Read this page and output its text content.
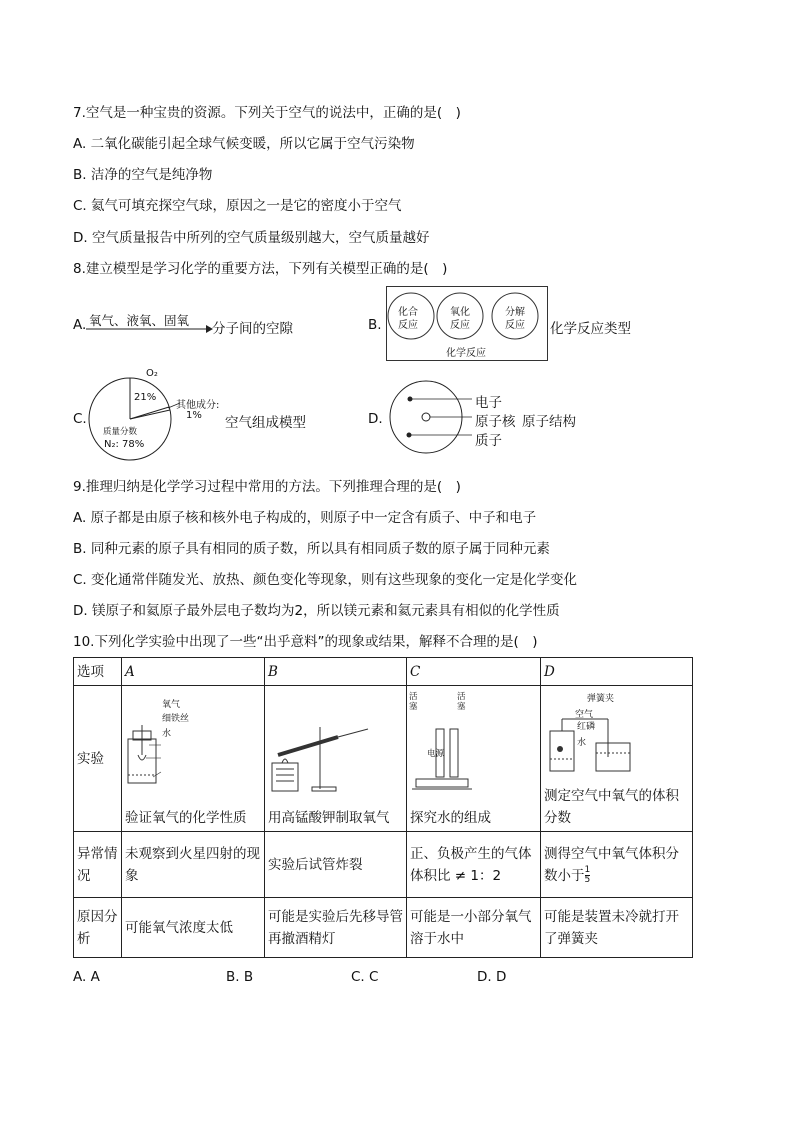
7.空气是一种宝贵的资源。下列关于空气的说法中，正确的是(　)
A. 二氧化碳能引起全球气候变暖，所以它属于空气污染物
B. 洁净的空气是纯净物
C. 氦气可填充探空气球，原因之一是它的密度小于空气
D. 空气质量报告中所列的空气质量级别越大，空气质量越好
8.建立模型是学习化学的重要方法，下列有关模型正确的是(　)
A. 氧气、液氧、固氧
分子间的空隙	B.
化合
反应
氧化
反应
分解
反应
化学反应
化学反应类型
C.
O₂
21%
其他成分:
1%
质量分数
N₂: 78%
空气组成模型	D.
电子
原子核 原子结构
质子
9.推理归纳是化学学习过程中常用的方法。下列推理合理的是(　)
A. 原子都是由原子核和核外电子构成的，则原子中一定含有质子、中子和电子
B. 同种元素的原子具有相同的质子数，所以具有相同质子数的原子属于同种元素
C. 变化通常伴随发光、放热、颜色变化等现象，则有这些现象的变化一定是化学变化
D. 镁原子和氦原子最外层电子数均为2，所以镁元素和氦元素具有相似的化学性质
10.下列化学实验中出现了一些“出乎意料”的现象或结果，解释不合理的是(　)
选项	A	B	C	D
实验	氧气
细铁丝
水
验证氧气的化学性质	用高锰酸钾制取氧气	活塞
活塞
电源
探究水的组成	弹簧夹
空气
红磷
水
测定空气中氧气的体积分数

异常情况	未观察到火星四射的现象	实验后试管炸裂	正、负极产生的气体体积比 ≠ 1：2	测得空气中氧气体积分数小于 $\frac{1}{5}$

原因分析	可能氧气浓度太低	可能是实验后先移导管再撤酒精灯	可能是一小部分氧气溶于水中	可能是装置未冷就打开了弹簧夹
A. A	B. B	C. C	D. D
